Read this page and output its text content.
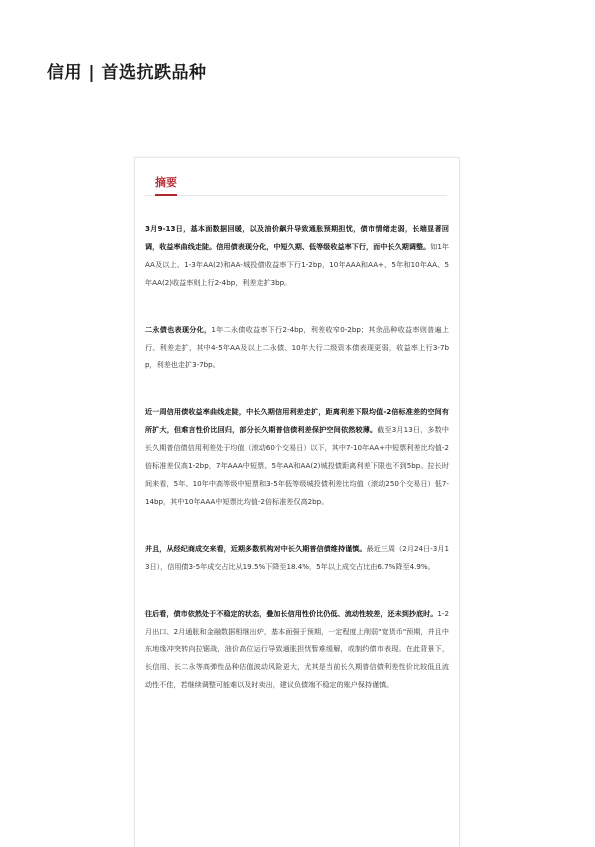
信用 | 首选抗跌品种
摘要

3月9-13日，基本面数据回暖，以及油价飙升导致通胀预期担忧，债市情绪走弱，长端显著回调，收益率曲线走陡。信用债表现分化，中短久期、低等级收益率下行，而中长久期调整。如1年AA及以上、1-3年AA(2)和AA-城投债收益率下行1-2bp，10年AAA和AA+、5年和10年AA、5年AA(2)收益率则上行2-4bp，利差走扩3bp。

二永债也表现分化，1年二永债收益率下行2-4bp，利差收窄0-2bp；其余品种收益率则普遍上行、利差走扩，其中4-5年AA及以上二永债、10年大行二级资本债表现更弱，收益率上行3-7bp，利差也走扩3-7bp。

近一周信用债收益率曲线走陡，中长久期信用利差走扩，距离利差下限均值-2倍标准差的空间有所扩大，但难言性价比回归，部分长久期普信债利差保护空间依然较薄。截至3月13日，多数中长久期普信债信用利差处于均值（滚动60个交易日）以下，其中7-10年AA+中短票利差比均值-2倍标准差仅高1-2bp，7年AAA中短票、5年AA和AA(2)城投债距离利差下限也不到5bp。拉长时间来看，5年、10年中高等级中短票和3-5年低等级城投债利差比均值（滚动250个交易日）低7-14bp，其中10年AAA中短票比均值-2倍标准差仅高2bp。

并且，从经纪商成交来看，近期多数机构对中长久期普信债维持谨慎。最近三周（2月24日-3月13日），信用债3-5年成交占比从19.5%下降至18.4%，5年以上成交占比由6.7%降至4.9%。

往后看，债市依然处于不稳定的状态，叠加长信用性价比仍低、流动性较差，还未到抄底时。1-2月出口、2月通胀和金融数据相继出炉，基本面强于预期，一定程度上削弱"宽货币"预期，并且中东地缘冲突转向拉锯战，油价高位运行导致通胀担忧暂难缓解，或制约债市表现。在此背景下，长信用、长二永等高弹性品种估值波动风险更大，尤其是当前长久期普信债利差性价比较低且流动性不佳，若继续调整可能难以及时卖出，建议负债端不稳定的账户保持谨慎。
